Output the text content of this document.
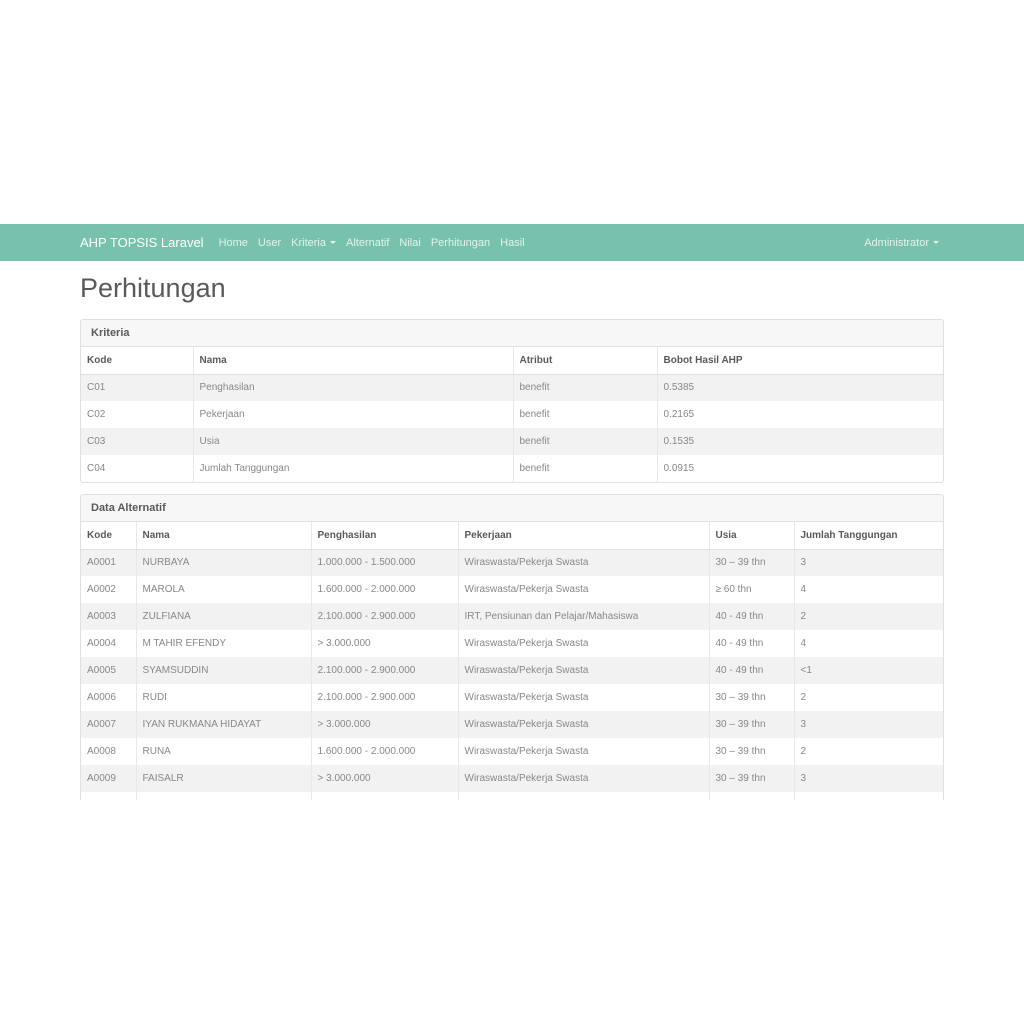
AHP TOPSIS Laravel	Home User Kriteria	Alternatif Nilai Perhitungan Hasil	Administrator
Perhitungan
Kriteria
Kode	Nama	Atribut	Bobot Hasil AHP
C01	Penghasilan	benefit	0.5385
C02	Pekerjaan	benefit	0.2165
C03	Usia	benefit	0.1535
C04	Jumlah Tanggungan	benefit	0.0915
Data Alternatif
Kode	Nama	Penghasilan	Pekerjaan	Usia	Jumlah Tanggungan
A0001	NURBAYA	1.000.000 - 1.500.000	Wiraswasta/Pekerja Swasta	30 – 39 thn	3
A0002	MAROLA	1.600.000 - 2.000.000	Wiraswasta/Pekerja Swasta	≥ 60 thn	4
A0003	ZULFIANA	2.100.000 - 2.900.000	IRT, Pensiunan dan Pelajar/Mahasiswa	40 - 49 thn	2
A0004	M TAHIR EFENDY	> 3.000.000	Wiraswasta/Pekerja Swasta	40 - 49 thn	4
A0005	SYAMSUDDIN	2.100.000 - 2.900.000	Wiraswasta/Pekerja Swasta	40 - 49 thn	<1
A0006	RUDI	2.100.000 - 2.900.000	Wiraswasta/Pekerja Swasta	30 – 39 thn	2
A0007	IYAN RUKMANA HIDAYAT	> 3.000.000	Wiraswasta/Pekerja Swasta	30 – 39 thn	3
A0008	RUNA	1.600.000 - 2.000.000	Wiraswasta/Pekerja Swasta	30 – 39 thn	2
A0009	FAISALR	> 3.000.000	Wiraswasta/Pekerja Swasta	30 – 39 thn	3
